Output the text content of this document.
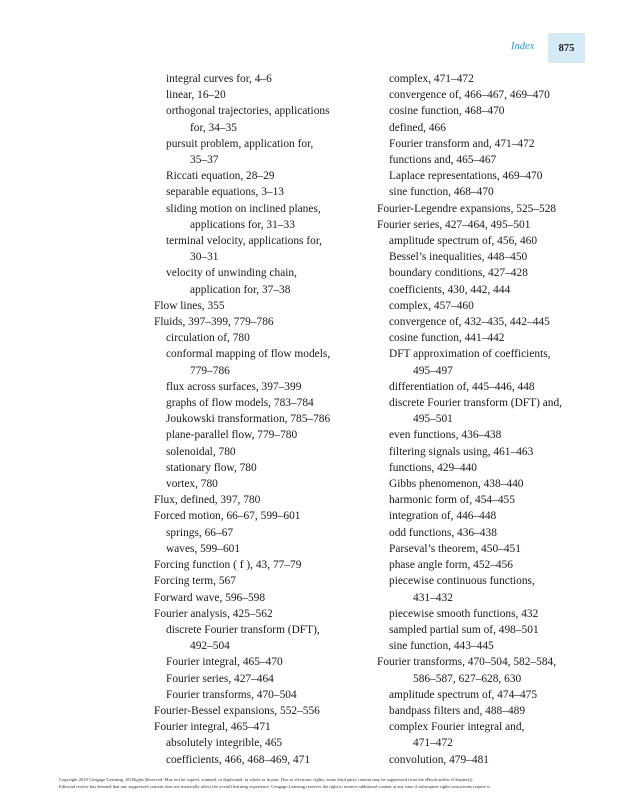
Index 875
integral curves for, 4–6
linear, 16–20
orthogonal trajectories, applications
for, 34–35
pursuit problem, application for,
35–37
Riccati equation, 28–29
separable equations, 3–13
sliding motion on inclined planes,
applications for, 31–33
terminal velocity, applications for,
30–31
velocity of unwinding chain,
application for, 37–38
Flow lines, 355
Fluids, 397–399, 779–786
circulation of, 780
conformal mapping of flow models,
779–786
flux across surfaces, 397–399
graphs of flow models, 783–784
Joukowski transformation, 785–786
plane-parallel flow, 779–780
solenoidal, 780
stationary flow, 780
vortex, 780
Flux, defined, 397, 780
Forced motion, 66–67, 599–601
springs, 66–67
waves, 599–601
Forcing function ( f ), 43, 77–79
Forcing term, 567
Forward wave, 596–598
Fourier analysis, 425–562
discrete Fourier transform (DFT),
492–504
Fourier integral, 465–470
Fourier series, 427–464
Fourier transforms, 470–504
Fourier-Bessel expansions, 552–556
Fourier integral, 465–471
absolutely integrible, 465
coefficients, 466, 468–469, 471
complex, 471–472
convergence of, 466–467, 469–470
cosine function, 468–470
defined, 466
Fourier transform and, 471–472
functions and, 465–467
Laplace representations, 469–470
sine function, 468–470
Fourier-Legendre expansions, 525–528
Fourier series, 427–464, 495–501
amplitude spectrum of, 456, 460
Bessel’s inequalities, 448–450
boundary conditions, 427–428
coefficients, 430, 442, 444
complex, 457–460
convergence of, 432–435, 442–445
cosine function, 441–442
DFT approximation of coefficients,
495–497
differentiation of, 445–446, 448
discrete Fourier transform (DFT) and,
495–501
even functions, 436–438
filtering signals using, 461–463
functions, 429–440
Gibbs phenomenon, 438–440
harmonic form of, 454–455
integration of, 446–448
odd functions, 436–438
Parseval’s theorem, 450–451
phase angle form, 452–456
piecewise continuous functions,
431–432
piecewise smooth functions, 432
sampled partial sum of, 498–501
sine function, 443–445
Fourier transforms, 470–504, 582–584,
586–587, 627–628, 630
amplitude spectrum of, 474–475
bandpass filters and, 488–489
complex Fourier integral and,
471–472
convolution, 479–481
Copyright 2010 Cengage Learning. All Rights Reserved. May not be copied, scanned, or duplicated, in whole or in part. Due to electronic rights, some third party content may be suppressed from the eBook and/or eChapter(s).
Editorial review has deemed that any suppressed content does not materially affect the overall learning experience. Cengage Learning reserves the right to remove additional content at any time if subsequent rights restrictions require it.
